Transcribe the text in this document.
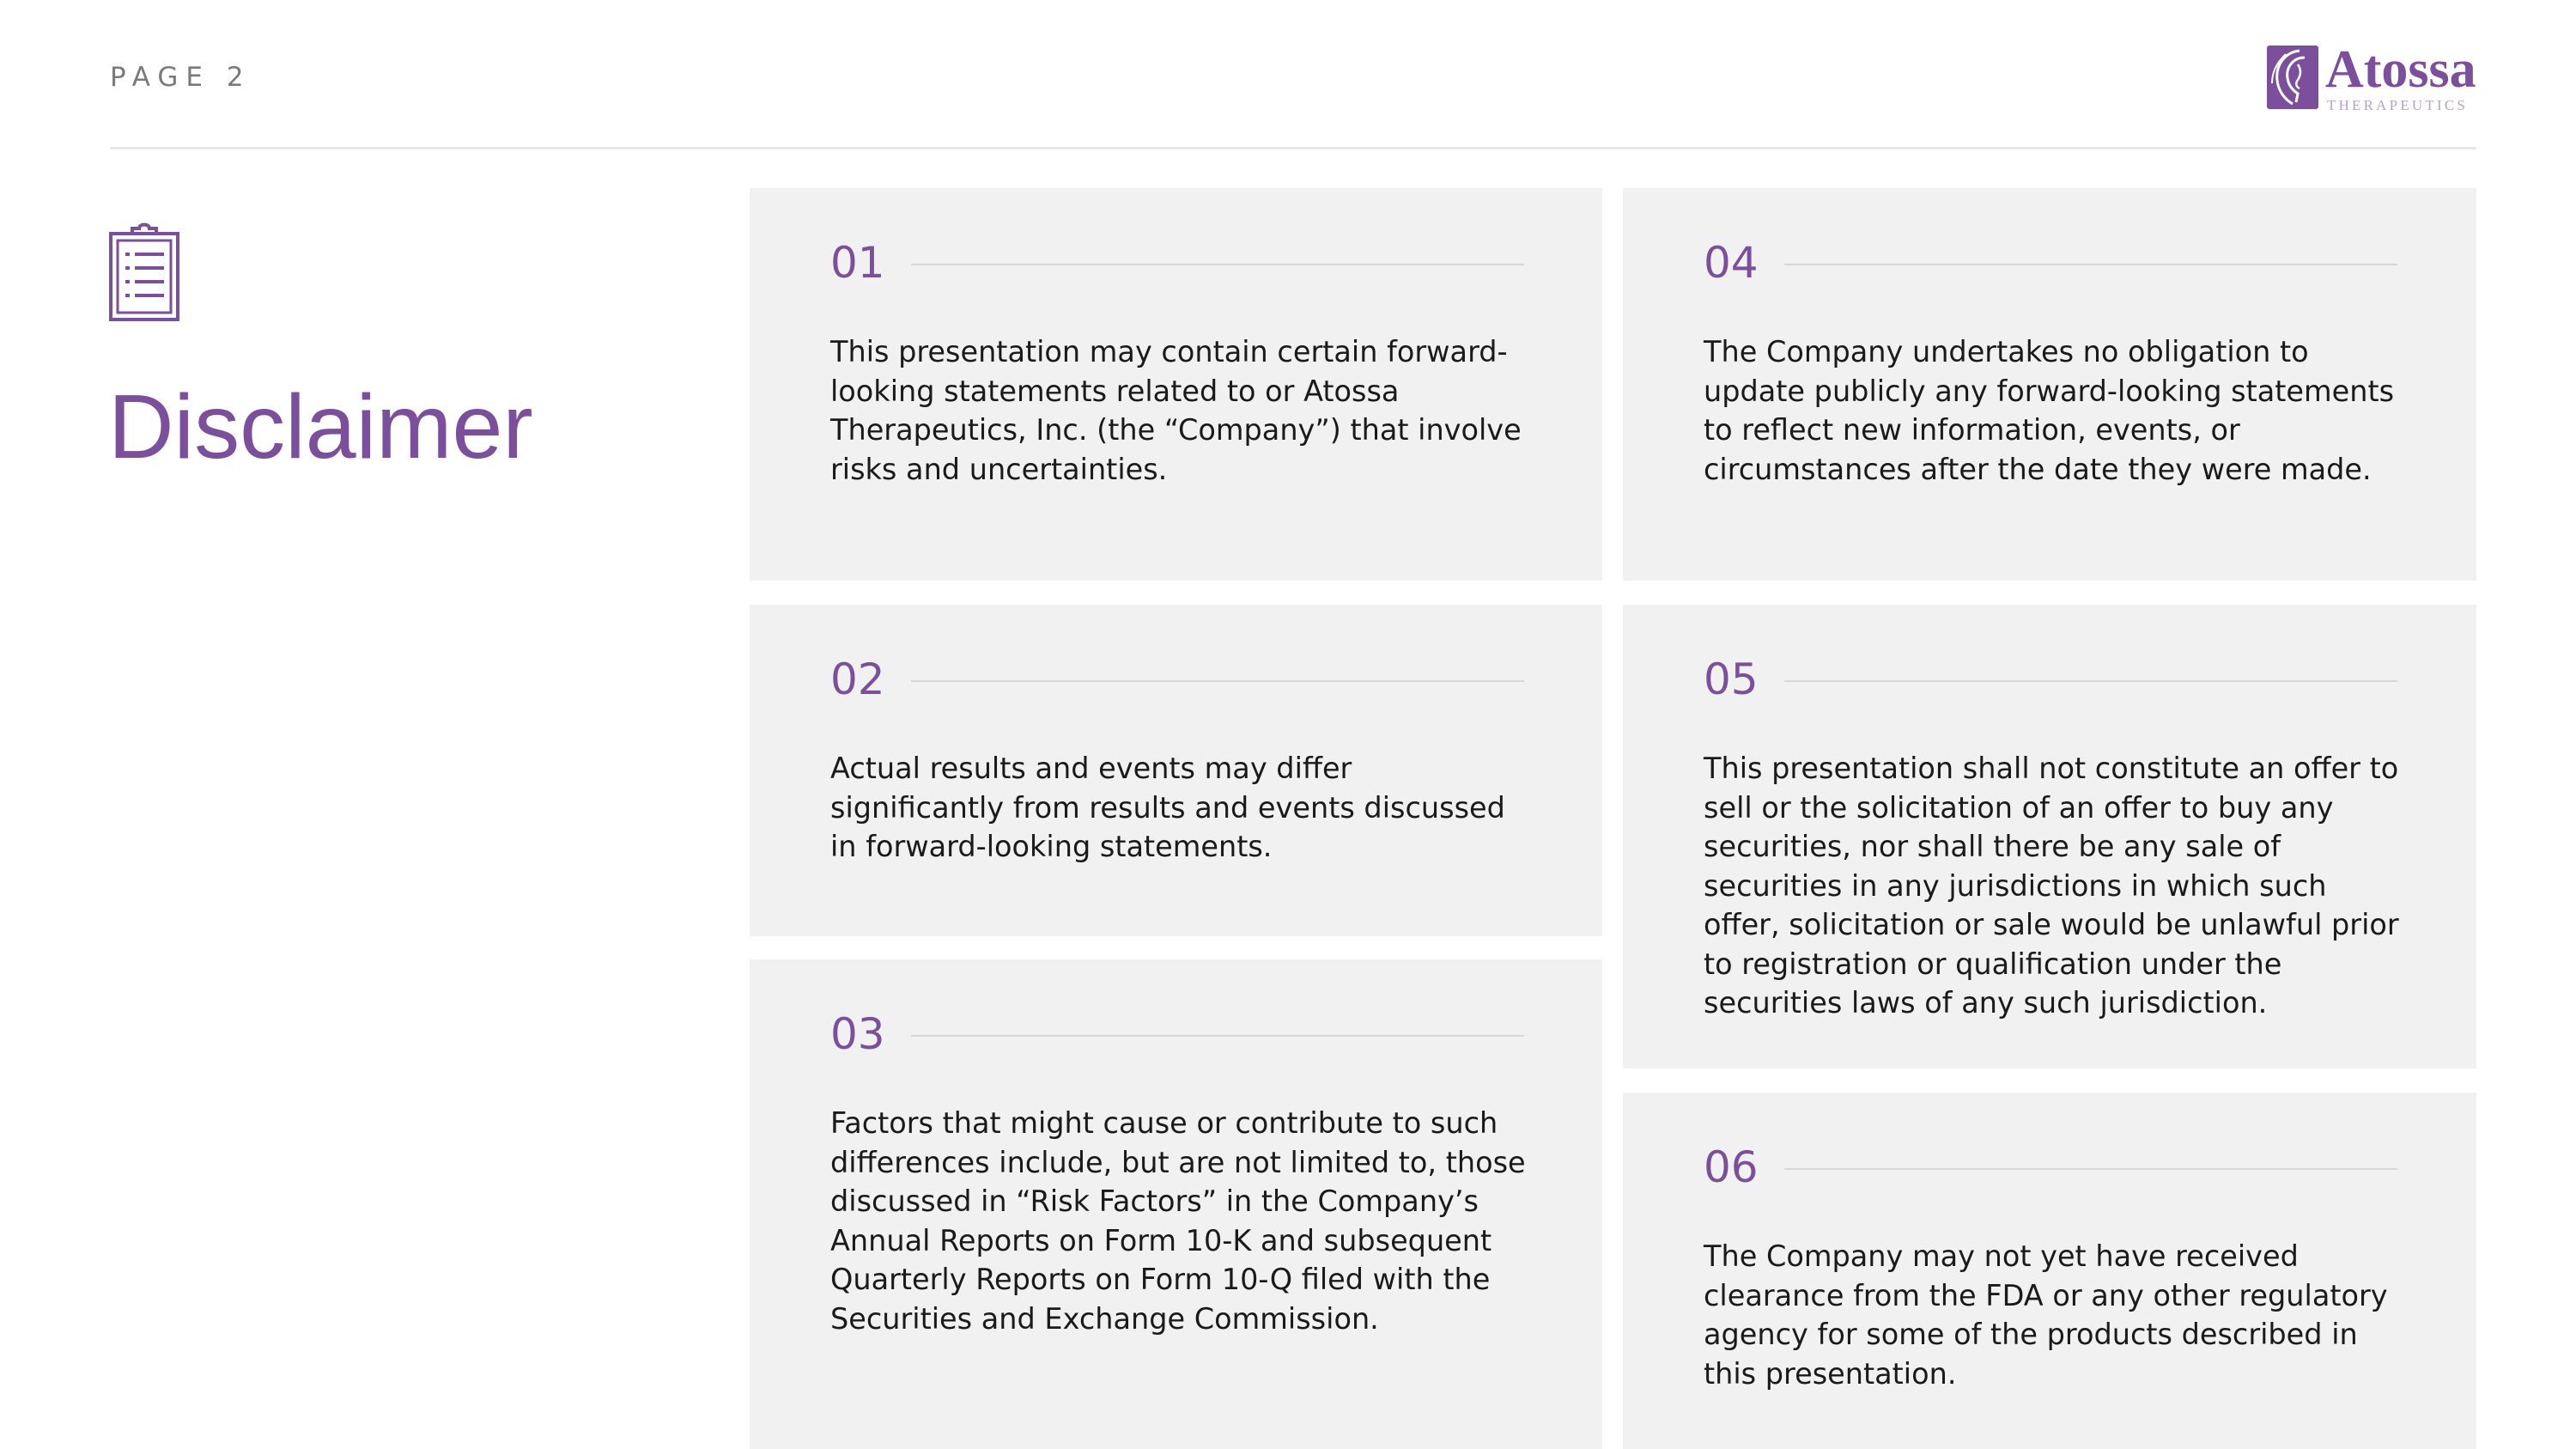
PAGE 2	Atossa
THERAPEUTICS
Disclaimer
01

This presentation may contain certain forward-looking statements related to or Atossa Therapeutics, Inc. (the “Company”) that involve risks and uncertainties.

02

Actual results and events may differ significantly from results and events discussed in forward-looking statements.

03

Factors that might cause or contribute to such differences include, but are not limited to, those discussed in “Risk Factors” in the Company’s Annual Reports on Form 10-K and subsequent Quarterly Reports on Form 10-Q filed with the Securities and Exchange Commission.

04

The Company undertakes no obligation to update publicly any forward-looking statements to reflect new information, events, or circumstances after the date they were made.

05

This presentation shall not constitute an offer to sell or the solicitation of an offer to buy any securities, nor shall there be any sale of securities in any jurisdictions in which such offer, solicitation or sale would be unlawful prior to registration or qualification under the securities laws of any such jurisdiction.

06

The Company may not yet have received clearance from the FDA or any other regulatory agency for some of the products described in this presentation.
